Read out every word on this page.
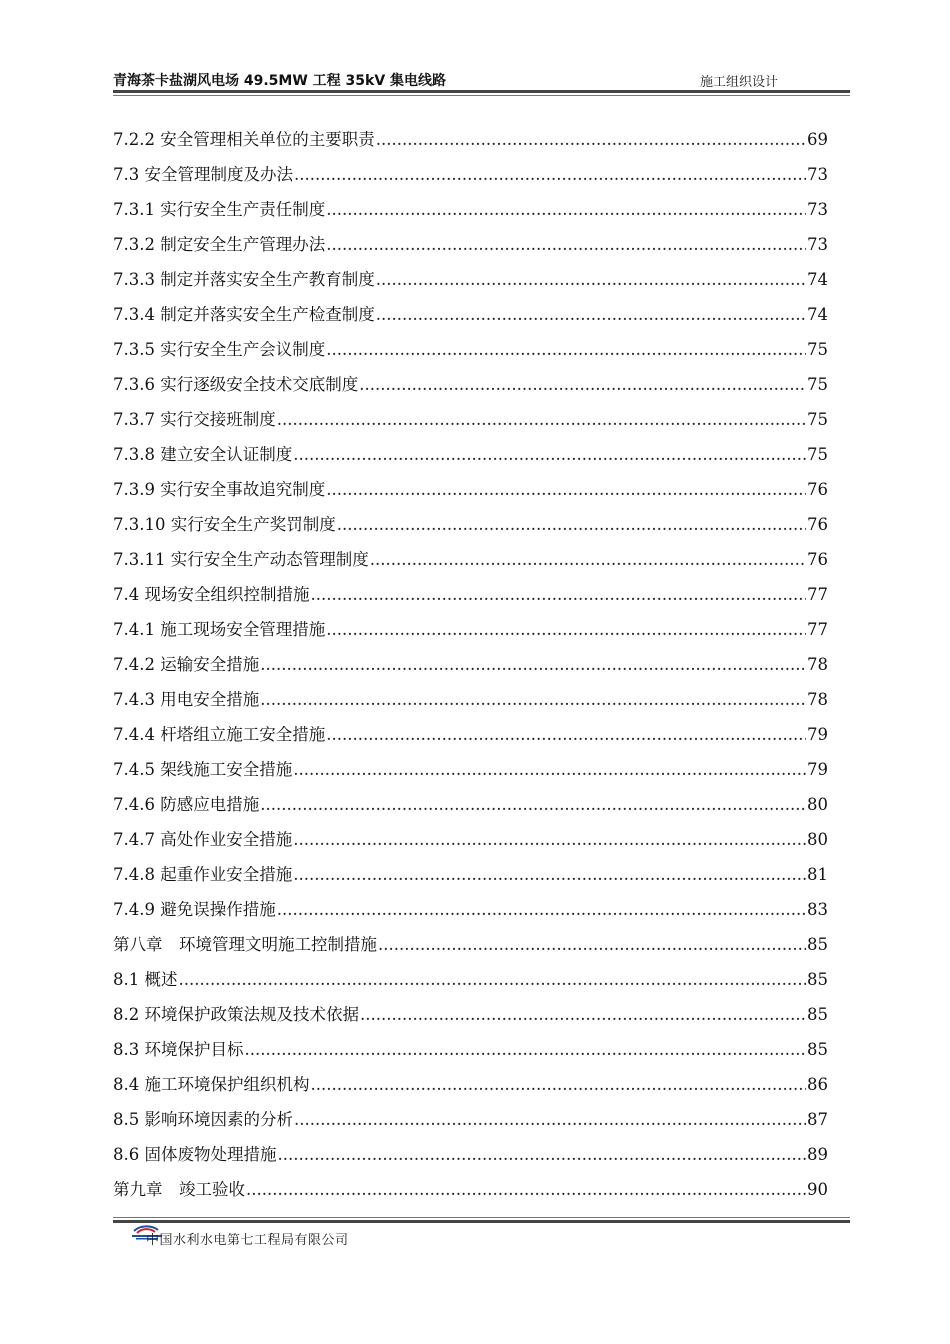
青海茶卡盐湖风电场 49.5MW 工程 35kV 集电线路	施工组织设计
7.2.2 安全管理相关单位的主要职责 .....	69
7.3 安全管理制度及办法 .....	73
7.3.1 实行安全生产责任制度 .....	73
7.3.2 制定安全生产管理办法 .....	73
7.3.3 制定并落实安全生产教育制度 .....	74
7.3.4 制定并落实安全生产检查制度 .....	74
7.3.5 实行安全生产会议制度 .....	75
7.3.6 实行逐级安全技术交底制度 .....	75
7.3.7 实行交接班制度 .....	75
7.3.8 建立安全认证制度 .....	75
7.3.9 实行安全事故追究制度 .....	76
7.3.10 实行安全生产奖罚制度 .....	76
7.3.11 实行安全生产动态管理制度 .....	76
7.4 现场安全组织控制措施 .....	77
7.4.1 施工现场安全管理措施 .....	77
7.4.2 运输安全措施 .....	78
7.4.3 用电安全措施 .....	78
7.4.4 杆塔组立施工安全措施 .....	79
7.4.5 架线施工安全措施 .....	79
7.4.6 防感应电措施 .....	80
7.4.7 高处作业安全措施 .....	80
7.4.8 起重作业安全措施 .....	81
7.4.9 避免误操作措施 .....	83
第八章　环境管理文明施工控制措施 .....	85
8.1 概述 .....	85
8.2 环境保护政策法规及技术依据 .....	85
8.3 环境保护目标 .....	85
8.4 施工环境保护组织机构 .....	86
8.5 影响环境因素的分析 .....	87
8.6 固体废物处理措施 .....	89
第九章　竣工验收 .....	90
中国水利水电第七工程局有限公司
